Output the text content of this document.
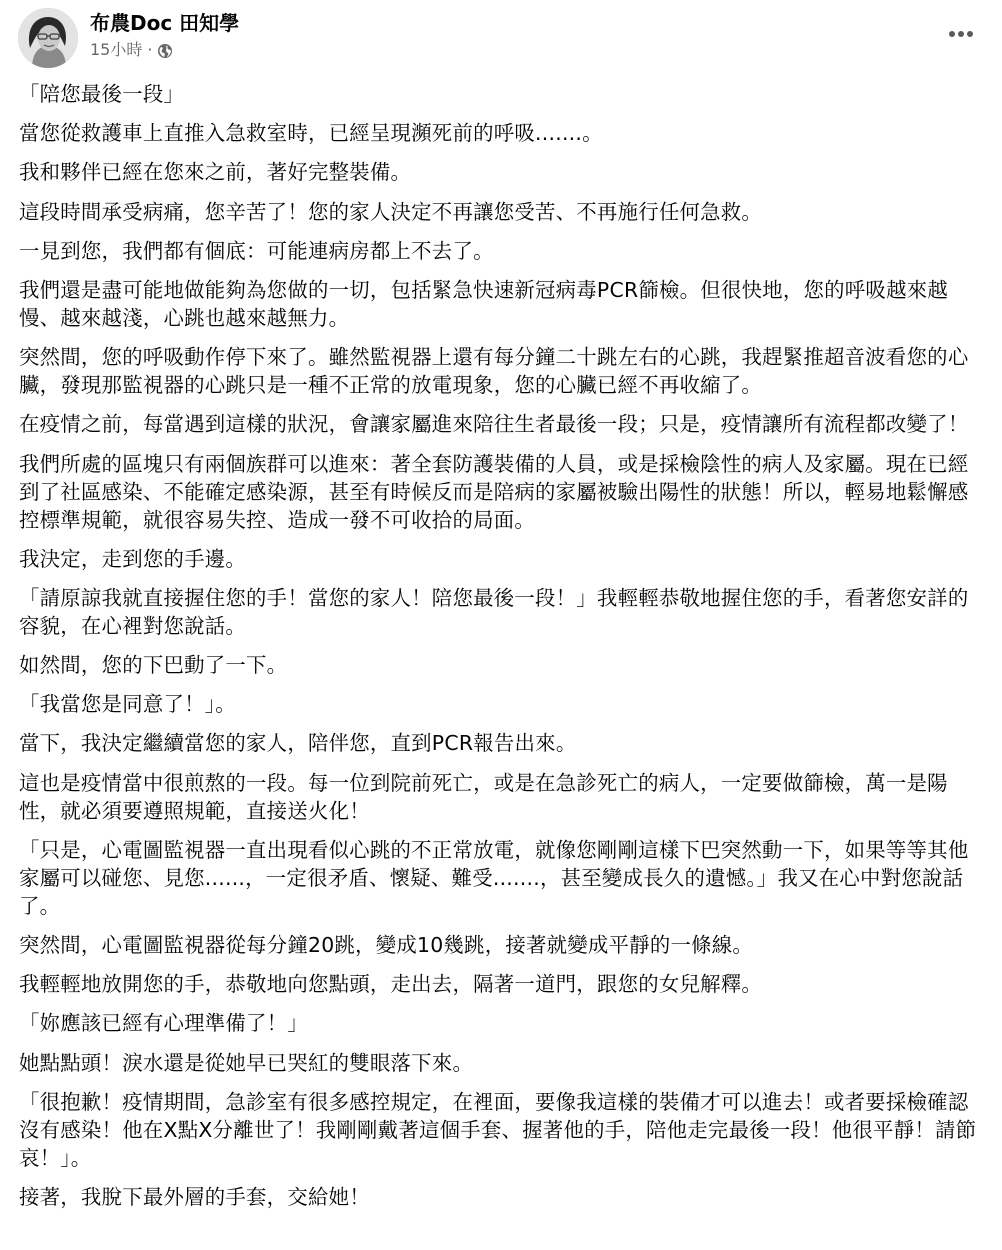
布農Doc 田知學
15小時 ·

「陪您最後一段」

當您從救護車上直推入急救室時，已經呈現瀕死前的呼吸.......。

我和夥伴已經在您來之前，著好完整裝備。

這段時間承受病痛，您辛苦了！您的家人決定不再讓您受苦、不再施行任何急救。

一見到您，我們都有個底：可能連病房都上不去了。

我們還是盡可能地做能夠為您做的一切，包括緊急快速新冠病毒PCR篩檢。但很快地，您的呼吸越來越慢、越來越淺，心跳也越來越無力。

突然間，您的呼吸動作停下來了。雖然監視器上還有每分鐘二十跳左右的心跳，我趕緊推超音波看您的心臟，發現那監視器的心跳只是一種不正常的放電現象，您的心臟已經不再收縮了。

在疫情之前，每當遇到這樣的狀況，會讓家屬進來陪往生者最後一段；只是，疫情讓所有流程都改變了！

我們所處的區塊只有兩個族群可以進來：著全套防護裝備的人員，或是採檢陰性的病人及家屬。現在已經到了社區感染、不能確定感染源，甚至有時候反而是陪病的家屬被驗出陽性的狀態！所以，輕易地鬆懈感控標準規範，就很容易失控、造成一發不可收拾的局面。

我決定，走到您的手邊。

「請原諒我就直接握住您的手！當您的家人！陪您最後一段！」我輕輕恭敬地握住您的手，看著您安詳的容貌，在心裡對您說話。

如然間，您的下巴動了一下。

「我當您是同意了！」。

當下，我決定繼續當您的家人，陪伴您，直到PCR報告出來。

這也是疫情當中很煎熬的一段。每一位到院前死亡，或是在急診死亡的病人，一定要做篩檢，萬一是陽性，就必須要遵照規範，直接送火化！

「只是，心電圖監視器一直出現看似心跳的不正常放電，就像您剛剛這樣下巴突然動一下，如果等等其他家屬可以碰您、見您......，一定很矛盾、懷疑、難受.......，甚至變成長久的遺憾。」我又在心中對您說話了。

突然間，心電圖監視器從每分鐘20跳，變成10幾跳，接著就變成平靜的一條線。

我輕輕地放開您的手，恭敬地向您點頭，走出去，隔著一道門，跟您的女兒解釋。

「妳應該已經有心理準備了！」

她點點頭！淚水還是從她早已哭紅的雙眼落下來。

「很抱歉！疫情期間，急診室有很多感控規定，在裡面，要像我這樣的裝備才可以進去！或者要採檢確認沒有感染！他在X點X分離世了！我剛剛戴著這個手套、握著他的手，陪他走完最後一段！他很平靜！請節哀！」。

接著，我脫下最外層的手套，交給她！
